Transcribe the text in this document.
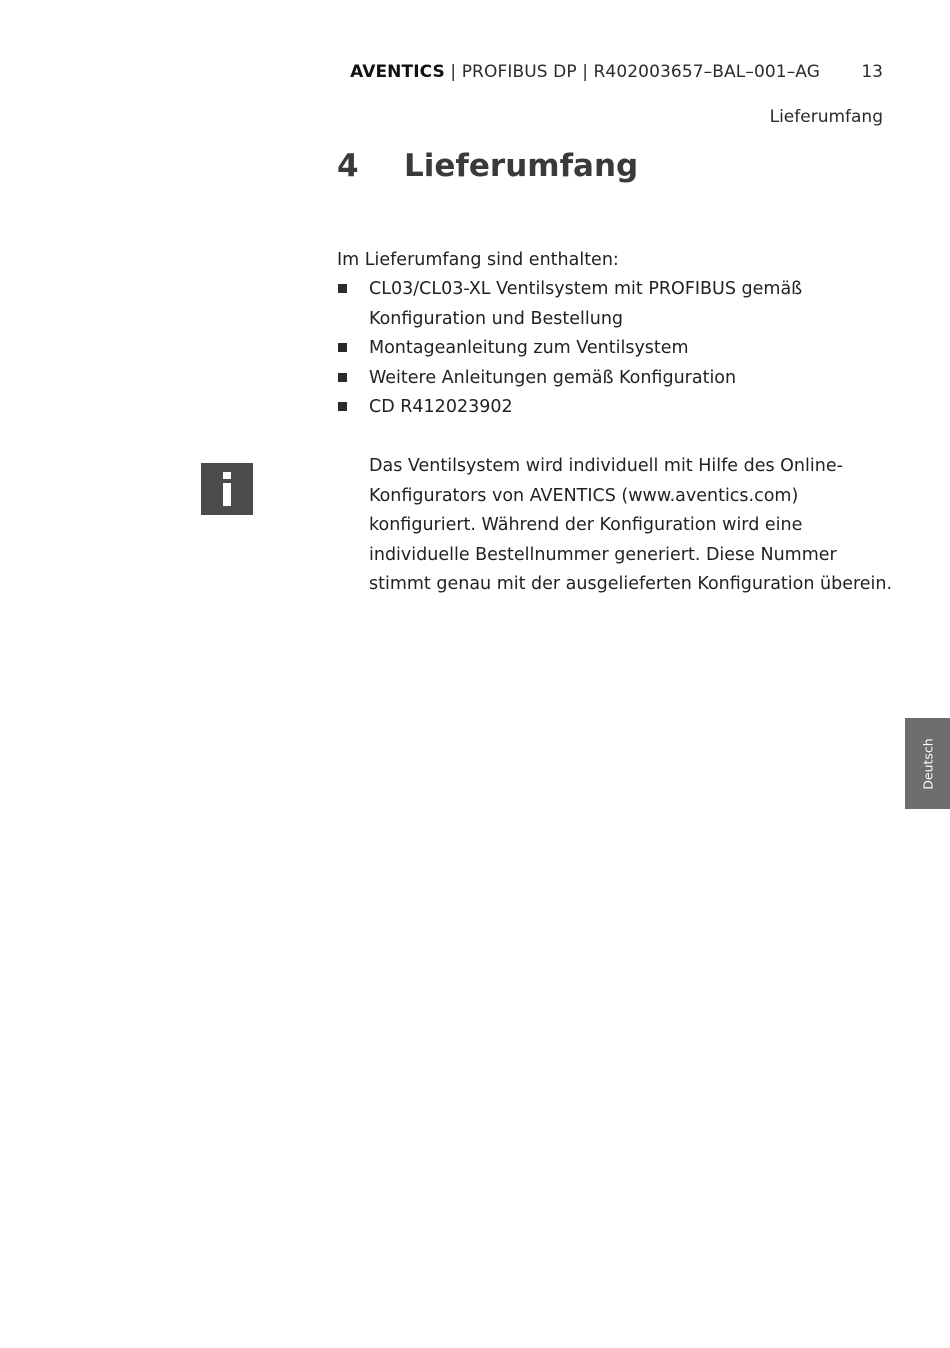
AVENTICS | PROFIBUS DP | R402003657–BAL–001–AG 13
Lieferumfang
4 Lieferumfang
Im Lieferumfang sind enthalten:
CL03/CL03-XL Ventilsystem mit PROFIBUS gemäß
Konfiguration und Bestellung
Montageanleitung zum Ventilsystem
Weitere Anleitungen gemäß Konfiguration
CD R412023902
Das Ventilsystem wird individuell mit Hilfe des Online-
Konfigurators von AVENTICS (www.aventics.com)
konfiguriert. Während der Konfiguration wird eine
individuelle Bestellnummer generiert. Diese Nummer
stimmt genau mit der ausgelieferten Konfiguration überein.
Deutsch
